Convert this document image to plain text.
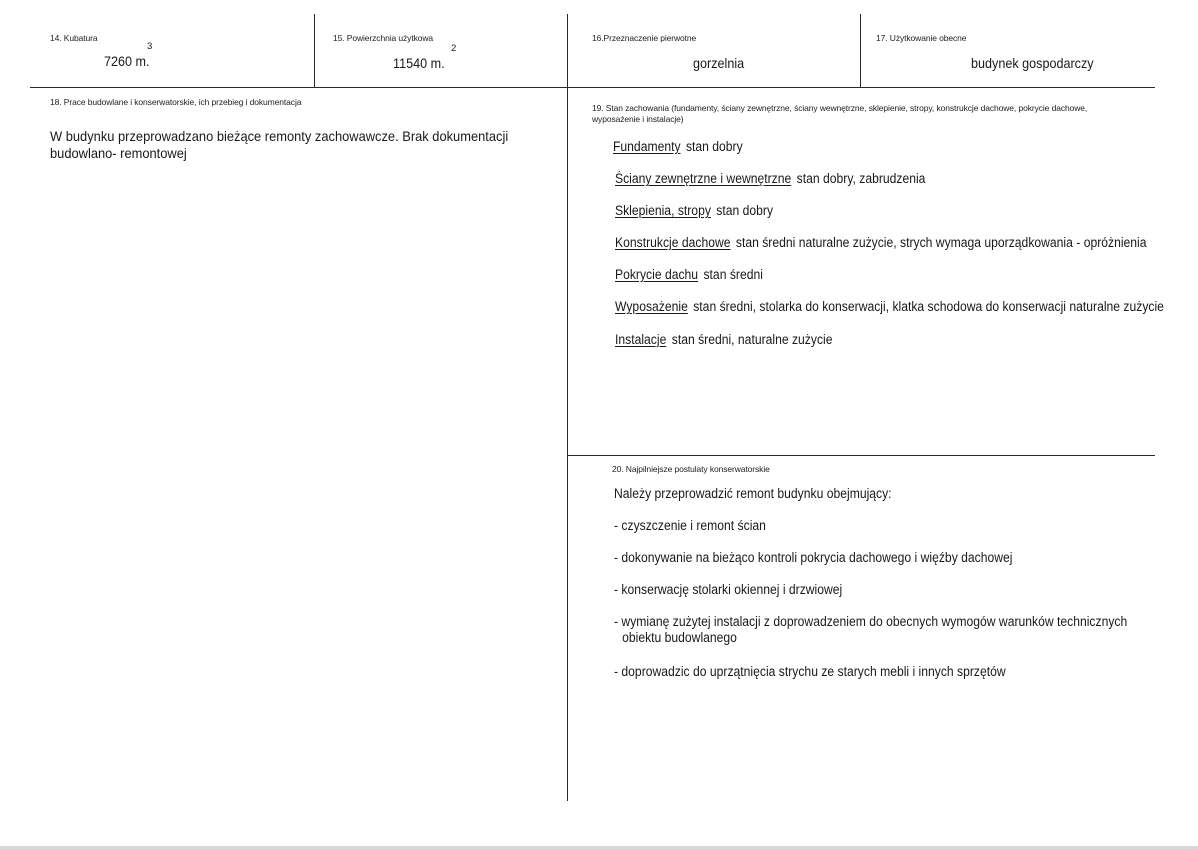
14. Kubatura
3
7260 m.
15. Powierzchnia użytkowa
2
11540 m.
16.Przeznaczenie pierwotne
gorzelnia
17. Użytkowanie obecne
budynek gospodarczy
18. Prace budowlane i konserwatorskie, ich przebieg i dokumentacja
W budynku przeprowadzano bieżące remonty zachowawcze. Brak dokumentacji budowlano- remontowej
19. Stan zachowania (fundamenty, ściany zewnętrzne, ściany wewnętrzne, sklepienie, stropy, konstrukcje dachowe, pokrycie dachowe, wyposażenie i instalacje)
Fundamenty stan dobry
Ściany zewnętrzne i wewnętrzne stan dobry, zabrudzenia
Sklepienia, stropy stan dobry
Konstrukcje dachowe stan średni naturalne zużycie, strych wymaga uporządkowania - opróżnienia
Pokrycie dachu stan średni
Wyposażenie stan średni, stolarka do konserwacji, klatka schodowa do konserwacji naturalne zużycie
Instalacje stan średni, naturalne zużycie
20. Najpilniejsze postulaty konserwatorskie
Należy przeprowadzić remont budynku obejmujący:
- czyszczenie i remont ścian
- dokonywanie na bieżąco kontroli pokrycia dachowego i więźby dachowej
- konserwację stolarki okiennej i drzwiowej
- wymianę zużytej instalacji z doprowadzeniem do obecnych wymogów warunków technicznych obiektu budowlanego
- doprowadzic do uprzątnięcia strychu ze starych mebli i innych sprzętów
